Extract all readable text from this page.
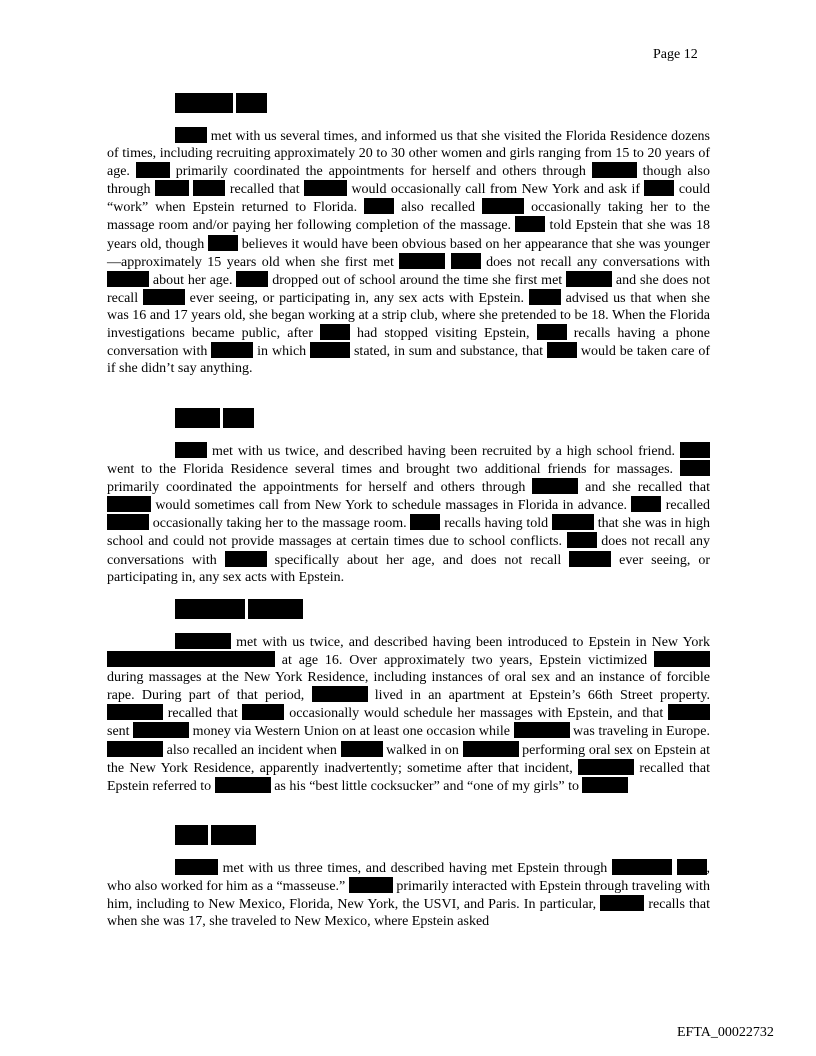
Page 12

met with us several times, and informed us that she visited the Florida Residence dozens of times, including recruiting approximately 20 to 30 other women and girls ranging from 15 to 20 years of age.  primarily coordinated the appointments for herself and others through	though also through	recalled that	would occasionally call from New York and ask if  could “work” when Epstein returned to Florida.  also recalled	occasionally taking her to the massage room and/or paying her following completion of the massage.  told Epstein that she was 18 years old, though  believes it would have been obvious based on her appearance that she was younger—approximately 15 years old when she first met	does not recall any conversations with  about her age.  dropped out of school around the time she first met	and she does not recall	ever seeing, or participating in, any sex acts with Epstein.  advised us that when she was 16 and 17 years old, she began working at a strip club, where she pretended to be 18. When the Florida investigations became public, after  had stopped visiting Epstein,  recalls having a phone conversation with	in which	stated, in sum and substance, that  would be taken care of if she didn’t say anything.

met with us twice, and described having been recruited by a high school friend.  went to the Florida Residence several times and brought two additional friends for massages.  primarily coordinated the appointments for herself and others through	and she recalled that  would sometimes call from New York to schedule massages in Florida in advance.  recalled  occasionally taking her to the massage room.  recalls having told	that she was in high school and could not provide massages at certain times due to school conflicts.  does not recall any conversations with	specifically about her age, and does not recall	ever seeing, or participating in, any sex acts with Epstein.

met with us twice, and described having been introduced to Epstein in New York  at age 16. Over approximately two years, Epstein victimized  during massages at the New York Residence, including instances of oral sex and an instance of forcible rape. During part of that period,	lived in an apartment at Epstein’s 66th Street property.  recalled that	occasionally would schedule her massages with Epstein, and that  sent	money via Western Union on at least one occasion while	was traveling in Europe.  also recalled an incident when	walked in on	performing oral sex on Epstein at the New York Residence, apparently inadvertently; sometime after that incident,	recalled that Epstein referred to	as his “best little cocksucker” and “one of my girls” to

met with us three times, and described having met Epstein through	, who also worked for him as a “masseuse.”	primarily interacted with Epstein through traveling with him, including to New Mexico, Florida, New York, the USVI, and Paris. In particular,	recalls that when she was 17, she traveled to New Mexico, where Epstein asked

EFTA_00022732
